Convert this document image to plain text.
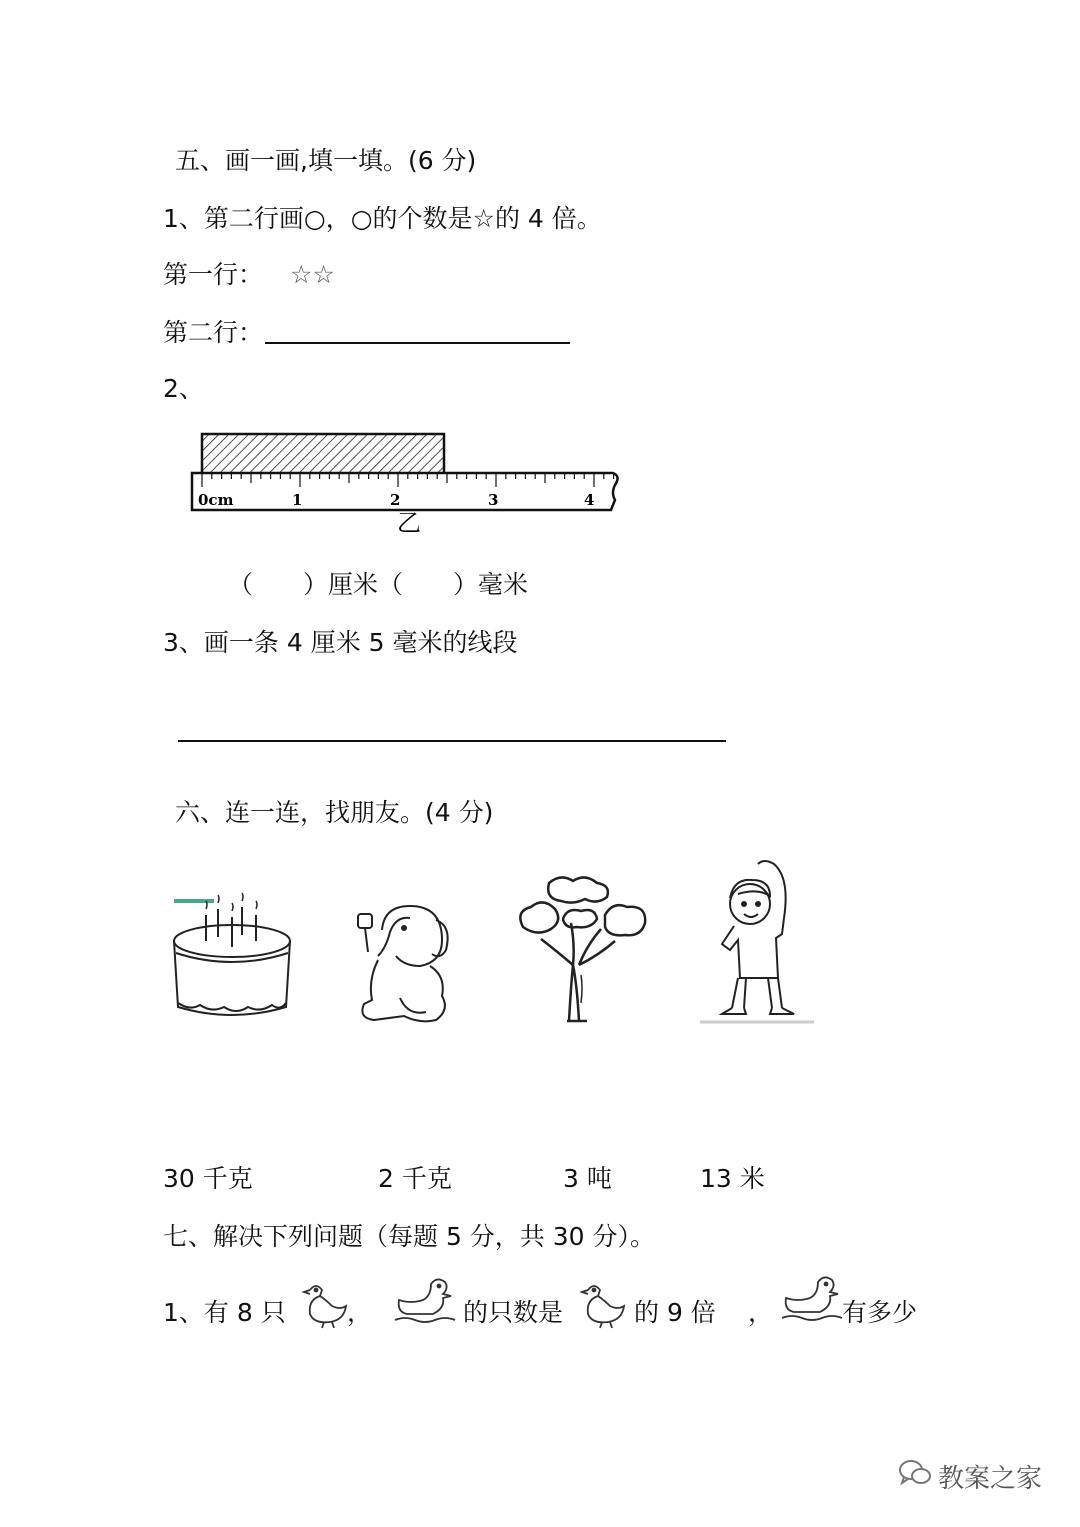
五、画一画,填一填。(6 分)
1、第二行画○，○的个数是☆的 4 倍。
第一行： ☆☆
第二行：
2、
0cm	1	2	3	4
乙
（　　）厘米（　　）毫米
3、画一条 4 厘米 5 毫米的线段
六、连一连，找朋友。(4 分)
30 千克	2 千克	3 吨	13 米
七、解决下列问题（每题 5 分，共 30 分）。
1、有 8 只 ，	的只数是	的 9 倍 ，	有多少
教案之家
